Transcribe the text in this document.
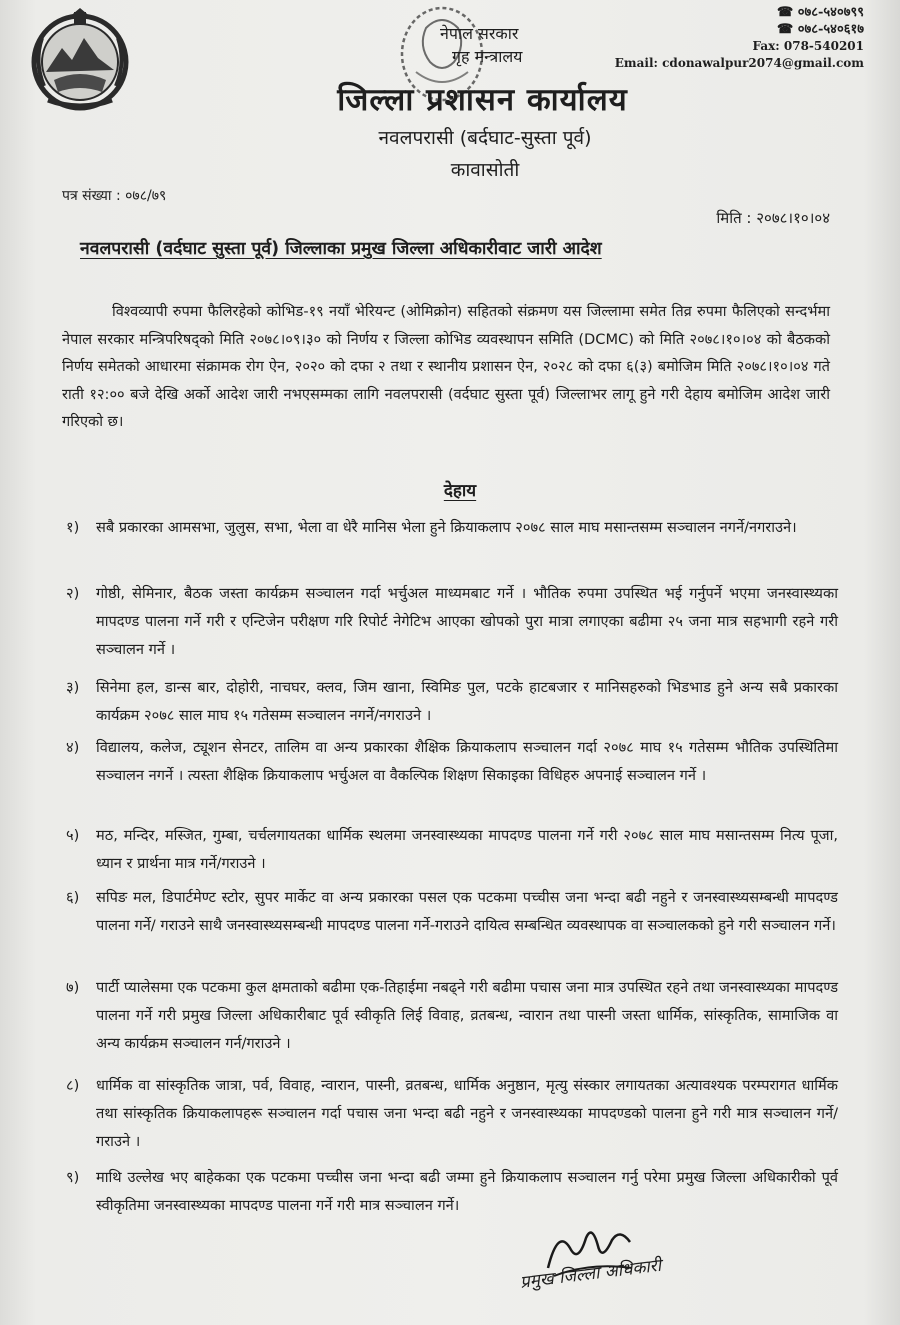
नेपाल सरकार
गृह मन्त्रालय
☎ ०७८-५४०७९९
☎ ०७८-५४०६१७
Fax: 078-540201
Email: cdonawalpur2074@gmail.com
जिल्ला प्रशासन कार्यालय
नवलपरासी (बर्दघाट-सुस्ता पूर्व)
कावासोती
पत्र संख्या : ०७८/७९
मिति : २०७८।१०।०४
नवलपरासी (वर्दघाट सुस्ता पूर्व) जिल्लाका प्रमुख जिल्ला अधिकारीवाट जारी आदेश
विश्वव्यापी रुपमा फैलिरहेको कोभिड-१९ नयाँ भेरियन्ट (ओमिक्रोन) सहितको संक्रमण यस जिल्लामा समेत तिव्र रुपमा फैलिएको सन्दर्भमा नेपाल सरकार मन्त्रिपरिषद्को मिति २०७८।०९।३० को निर्णय र जिल्ला कोभिड व्यवस्थापन समिति (DCMC) को मिति २०७८।१०।०४ को बैठकको निर्णय समेतको आधारमा संक्रामक रोग ऐन, २०२० को दफा २ तथा र स्थानीय प्रशासन ऐन, २०२८ को दफा ६(३) बमोजिम मिति २०७८।१०।०४ गते राती १२:०० बजे देखि अर्को आदेश जारी नभएसम्मका लागि नवलपरासी (वर्दघाट सुस्ता पूर्व) जिल्लाभर लागू हुने गरी देहाय बमोजिम आदेश जारी गरिएको छ।
देहाय
१) सबै प्रकारका आमसभा, जुलुस, सभा, भेला वा धेरै मानिस भेला हुने क्रियाकलाप २०७८ साल माघ मसान्तसम्म सञ्चालन नगर्ने/नगराउने।
२) गोष्ठी, सेमिनार, बैठक जस्ता कार्यक्रम सञ्चालन गर्दा भर्चुअल माध्यमबाट गर्ने । भौतिक रुपमा उपस्थित भई गर्नुपर्ने भएमा जनस्वास्थ्यका मापदण्ड पालना गर्ने गरी र एन्टिजेन परीक्षण गरि रिपोर्ट नेगेटिभ आएका खोपको पुरा मात्रा लगाएका बढीमा २५ जना मात्र सहभागी रहने गरी सञ्चालन गर्ने ।
३) सिनेमा हल, डान्स बार, दोहोरी, नाचघर, क्लव, जिम खाना, स्विमिङ पुल, पटके हाटबजार र मानिसहरुको भिडभाड हुने अन्य सबै प्रकारका कार्यक्रम २०७८ साल माघ १५ गतेसम्म सञ्चालन नगर्ने/नगराउने ।
४) विद्यालय, कलेज, ट्यूशन सेनटर, तालिम वा अन्य प्रकारका शैक्षिक क्रियाकलाप सञ्चालन गर्दा २०७८ माघ १५ गतेसम्म भौतिक उपस्थितिमा सञ्चालन नगर्ने । त्यस्ता शैक्षिक क्रियाकलाप भर्चुअल वा वैकल्पिक शिक्षण सिकाइका विधिहरु अपनाई सञ्चालन गर्ने ।
५) मठ, मन्दिर, मस्जित, गुम्बा, चर्चलगायतका धार्मिक स्थलमा जनस्वास्थ्यका मापदण्ड पालना गर्ने गरी २०७८ साल माघ मसान्तसम्म नित्य पूजा, ध्यान र प्रार्थना मात्र गर्ने/गराउने ।
६) सपिङ मल, डिपार्टमेण्ट स्टोर, सुपर मार्केट वा अन्य प्रकारका पसल एक पटकमा पच्चीस जना भन्दा बढी नहुने र जनस्वास्थ्यसम्बन्धी मापदण्ड पालना गर्ने/ गराउने साथै जनस्वास्थ्यसम्बन्धी मापदण्ड पालना गर्ने-गराउने दायित्व सम्बन्धित व्यवस्थापक वा सञ्चालकको हुने गरी सञ्चालन गर्ने।
७) पार्टी प्यालेसमा एक पटकमा कुल क्षमताको बढीमा एक-तिहाईमा नबढ्ने गरी बढीमा पचास जना मात्र उपस्थित रहने तथा जनस्वास्थ्यका मापदण्ड पालना गर्ने गरी प्रमुख जिल्ला अधिकारीबाट पूर्व स्वीकृति लिई विवाह, व्रतबन्ध, न्वारान तथा पास्नी जस्ता धार्मिक, सांस्कृतिक, सामाजिक वा अन्य कार्यक्रम सञ्चालन गर्न/गराउने ।
८) धार्मिक वा सांस्कृतिक जात्रा, पर्व, विवाह, न्वारान, पास्नी, व्रतबन्ध, धार्मिक अनुष्ठान, मृत्यु संस्कार लगायतका अत्यावश्यक परम्परागत धार्मिक तथा सांस्कृतिक क्रियाकलापहरू सञ्चालन गर्दा पचास जना भन्दा बढी नहुने र जनस्वास्थ्यका मापदण्डको पालना हुने गरी मात्र सञ्चालन गर्ने/गराउने ।
९) माथि उल्लेख भए बाहेकका एक पटकमा पच्चीस जना भन्दा बढी जम्मा हुने क्रियाकलाप सञ्चालन गर्नु परेमा प्रमुख जिल्ला अधिकारीको पूर्व स्वीकृतिमा जनस्वास्थ्यका मापदण्ड पालना गर्ने गरी मात्र सञ्चालन गर्ने।
प्रमुख जिल्ला अधिकारी
